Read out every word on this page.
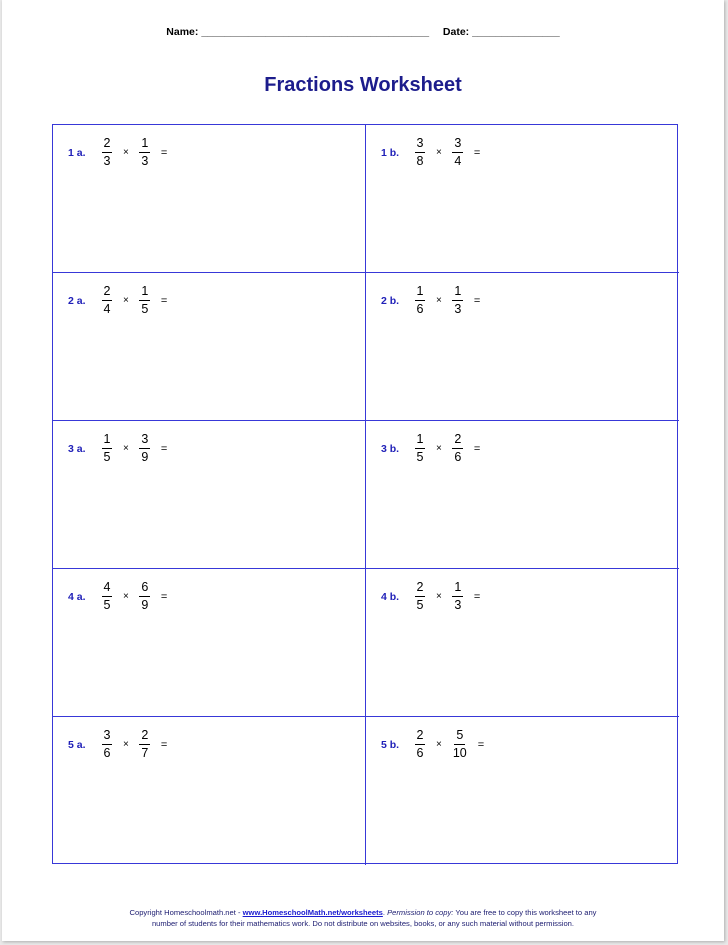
Name: _______________________________________ Date: _______________
Fractions Worksheet
1 a.	$\frac{2}{3} \times \frac{1}{3}$ =	1 b.	$\frac{3}{8} \times \frac{3}{4}$ =
2 a.	$\frac{2}{4} \times \frac{1}{5}$ =	2 b.	$\frac{1}{6} \times \frac{1}{3}$ =
3 a.	$\frac{1}{5} \times \frac{3}{9}$ =	3 b.	$\frac{1}{5} \times \frac{2}{6}$ =
4 a.	$\frac{4}{5} \times \frac{6}{9}$ =	4 b.	$\frac{2}{5} \times \frac{1}{3}$ =
5 a.	$\frac{3}{6} \times \frac{2}{7}$ =	5 b.	$\frac{2}{6} \times \frac{5}{10}$ =
Copyright Homeschoolmath.net - www.HomeschoolMath.net/worksheets. Permission to copy: You are free to copy this worksheet to any
number of students for their mathematics work. Do not distribute on websites, books, or any such material without permission.
